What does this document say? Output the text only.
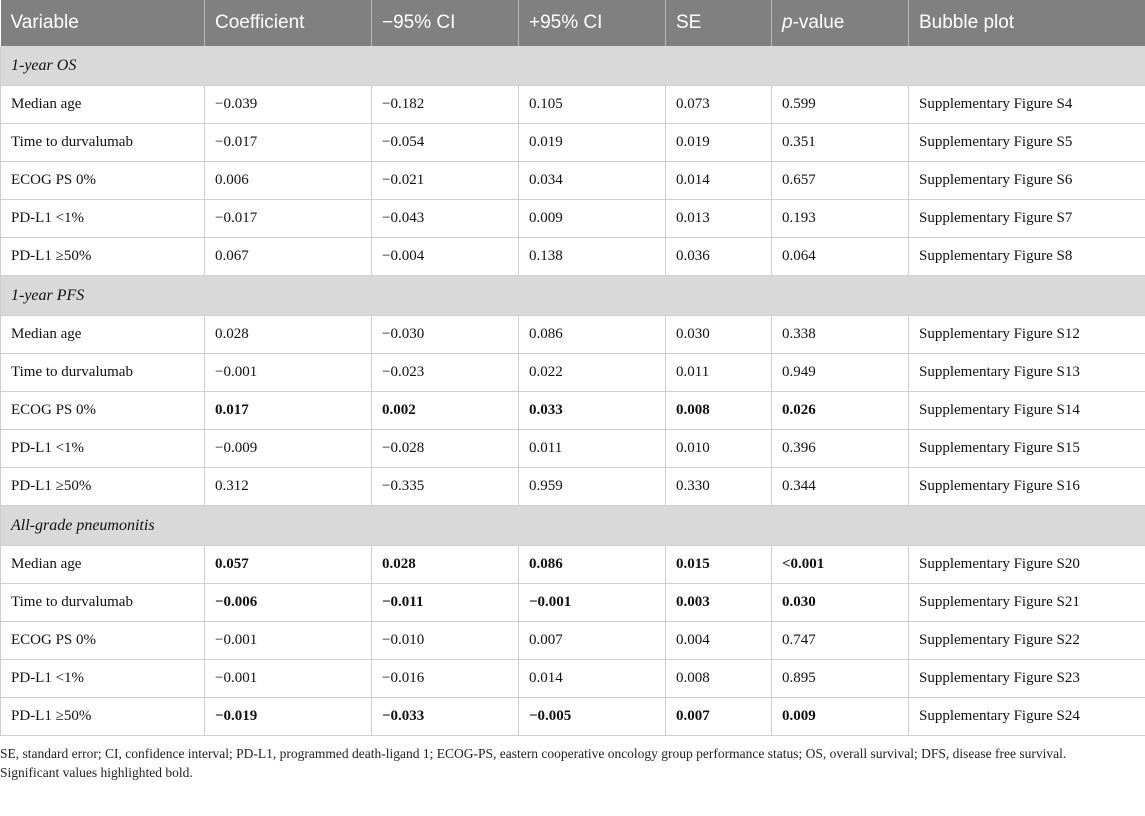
Variable	Coefficient	−95% CI	+95% CI	SE	p-value	Bubble plot
1-year OS						
Median age	−0.039	−0.182	0.105	0.073	0.599	Supplementary Figure S4
Time to durvalumab	−0.017	−0.054	0.019	0.019	0.351	Supplementary Figure S5
ECOG PS 0%	0.006	−0.021	0.034	0.014	0.657	Supplementary Figure S6
PD-L1 <1%	−0.017	−0.043	0.009	0.013	0.193	Supplementary Figure S7
PD-L1 ≥50%	0.067	−0.004	0.138	0.036	0.064	Supplementary Figure S8
1-year PFS						
Median age	0.028	−0.030	0.086	0.030	0.338	Supplementary Figure S12
Time to durvalumab	−0.001	−0.023	0.022	0.011	0.949	Supplementary Figure S13
ECOG PS 0%	0.017	0.002	0.033	0.008	0.026	Supplementary Figure S14
PD-L1 <1%	−0.009	−0.028	0.011	0.010	0.396	Supplementary Figure S15
PD-L1 ≥50%	0.312	−0.335	0.959	0.330	0.344	Supplementary Figure S16
All-grade pneumonitis						
Median age	0.057	0.028	0.086	0.015	<0.001	Supplementary Figure S20
Time to durvalumab	−0.006	−0.011	−0.001	0.003	0.030	Supplementary Figure S21
ECOG PS 0%	−0.001	−0.010	0.007	0.004	0.747	Supplementary Figure S22
PD-L1 <1%	−0.001	−0.016	0.014	0.008	0.895	Supplementary Figure S23
PD-L1 ≥50%	−0.019	−0.033	−0.005	0.007	0.009	Supplementary Figure S24

SE, standard error; CI, confidence interval; PD-L1, programmed death-ligand 1; ECOG-PS, eastern cooperative oncology group performance status; OS, overall survival; DFS, disease free survival.

Significant values highlighted bold.
